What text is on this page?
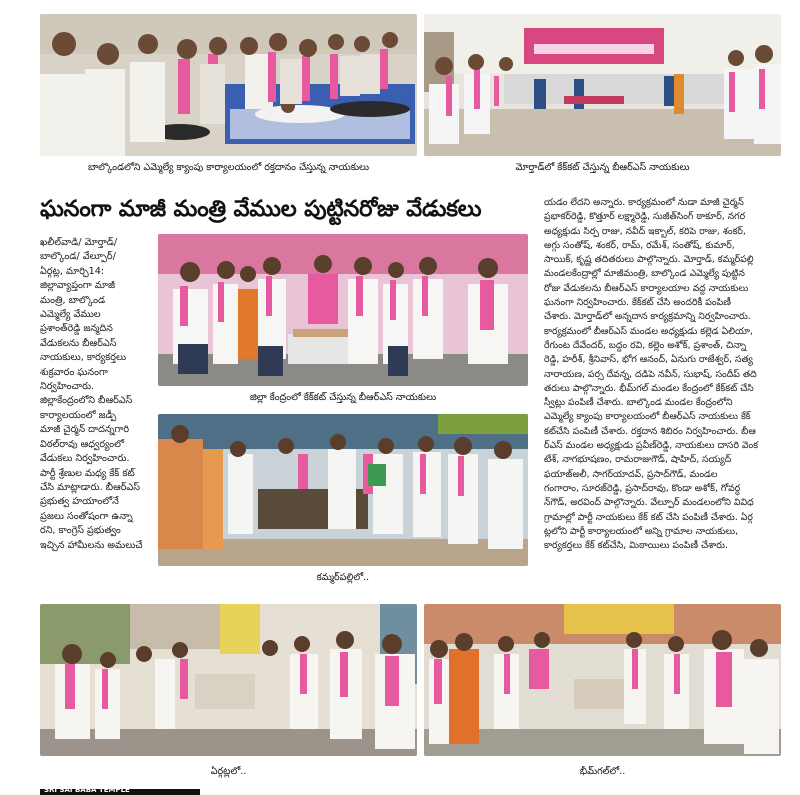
బాల్కొండలోని ఎమ్మెల్యే క్యాంపు కార్యాలయంలో రక్తదానం చేస్తున్న నాయకులు	మోర్తాడ్‌లో కేక్‌కట్ చేస్తున్న బీఆర్‌ఎస్ నాయకులు
ఘనంగా మాజీ మంత్రి వేముల పుట్టినరోజు వేడుకలు
ఖలీల్‌వాడి/ మోర్తాడ్/
బాల్కొండ/ వేల్పూర్/
ఏర్గట్ల, మార్చి14:
జిల్లావ్యాప్తంగా మాజీ
మంత్రి, బాల్కొండ
ఎమ్మెల్యే వేముల
ప్రశాంత్‌రెడ్డి జన్మదిన
వేడుకలను బీఆర్‌ఎస్
నాయకులు, కార్యకర్తలు
శుక్రవారం ఘనంగా
నిర్వహించారు.
జిల్లాకేంద్రంలోని బీఆర్‌ఎస్
కార్యాలయంలో జడ్పీ
మాజీ చైర్మన్ దాదన్నగారి
విఠల్‌రావు ఆధ్వర్యంలో
వేడుకలు నిర్వహించారు.
పార్టీ శ్రేణుల మధ్య కేక్ కట్
చేసి మాట్లాడారు. బీఆర్‌ఎస్
ప్రభుత్వ హయాంలోనే
ప్రజలు సంతోషంగా ఉన్నా
రని, కాంగ్రెస్ ప్రభుత్వం
ఇచ్చిన హామీలను అమలుచే
జిల్లా కేంద్రంలో కేక్‌కట్ చేస్తున్న బీఆర్‌ఎస్ నాయకులు
కమ్మర్‌పల్లిలో..
యడం లేదని అన్నారు. కార్యక్రమంలో నుడా మాజీ చైర్మన్
ప్రభాకర్‌రెడ్డి, కొత్తూర్ లక్ష్మారెడ్డి, సుజీత్‌సింగ్ ఠాకూర్, నగర
అధ్యక్షుడు సిర్ప రాజు, నవీద్ ఇక్బాల్, కరిపె రాజు, శంకర్,
అగ్గు సంతోష్, శంకర్, రామ్, రమేశ్, సంతోష్, కుమార్,
సాయిక్, కృష్ణ తదితరులు పాల్గొన్నారు. మోర్తాడ్, కమ్మర్‌పల్లి
మండలకేంద్రాల్లో మాజీమంత్రి, బాల్కొండ ఎమ్మెల్యే పుట్టిన
రోజు వేడుకలను బీఆర్‌ఎస్ కార్యాలయాల వద్ద నాయకులు
ఘనంగా నిర్వహించారు. కేక్‌కట్ చేసి అందరికీ పంపిణీ
చేశారు. మోర్తాడ్‌లో అన్నదాన కార్యక్రమాన్ని నిర్వహించారు.
కార్యక్రమంలో బీఆర్‌ఎస్ మండల అధ్యక్షుడు కల్లెడ ఏలియా,
రేగుంట దేవేందర్, బద్దం రవి, కల్లెం అశోక్, ప్రశాంత్, చిన్నా
రెడ్డి, హరీశ్, శ్రీనివాస్, భోగ ఆనంద్, ఏనుగు రాజేశ్వర్, సత్య
నారాయణ, పర్స దేవన్న, దడిపె నవీన్, సుభాష్, సందీప్ తది
తరులు పాల్గొన్నారు. భీమ్‌గల్ మండల కేంద్రంలో కేక్‌కట్ చేసి
స్వీట్లు పంపిణీ చేశారు. బాల్కొండ మండల కేంద్రంలోని
ఎమ్మెల్యే క్యాంపు కార్యాలయంలో బీఆర్‌ఎస్ నాయకులు కేక్
కట్‌చేసి పంపిణీ చేశారు. రక్తదాన శిబిరం నిర్వహించారు. బీఆ
ర్‌ఎస్ మండల అధ్యక్షుడు ప్రవీణ్‌రెడ్డి, నాయకులు దాసరి వెంక
టేశ్, నాగభూషణం, రామరాజుగౌడ్, షాహిద్, సయ్యద్
ఫయాజ్‌అలీ, సాగర్‌యాదవ్, ప్రసాద్‌గౌడ్, మండల
గంగారాం, సూరజ్‌రెడ్డి, ప్రసాద్‌రావు, కొండా అశోక్, గోవర్ధ
న్‌గౌడ్, అరవింద్ పాల్గొన్నారు. వేల్పూర్ మండలంలోని వివిధ
గ్రామాల్లో పార్టీ నాయకులు కేక్ కట్ చేసి పంపిణీ చేశారు. ఏర్గ
ట్లలోని పార్టీ కార్యాలయంలో అన్ని గ్రామాల నాయకులు,
కార్యకర్తలు కేక్ కట్‌చేసి, మిఠాయిలు పంపిణీ చేశారు.
ఏర్గట్లలో..	భీమ్‌గల్‌లో..
SRI SAI BABA TEMPLE
